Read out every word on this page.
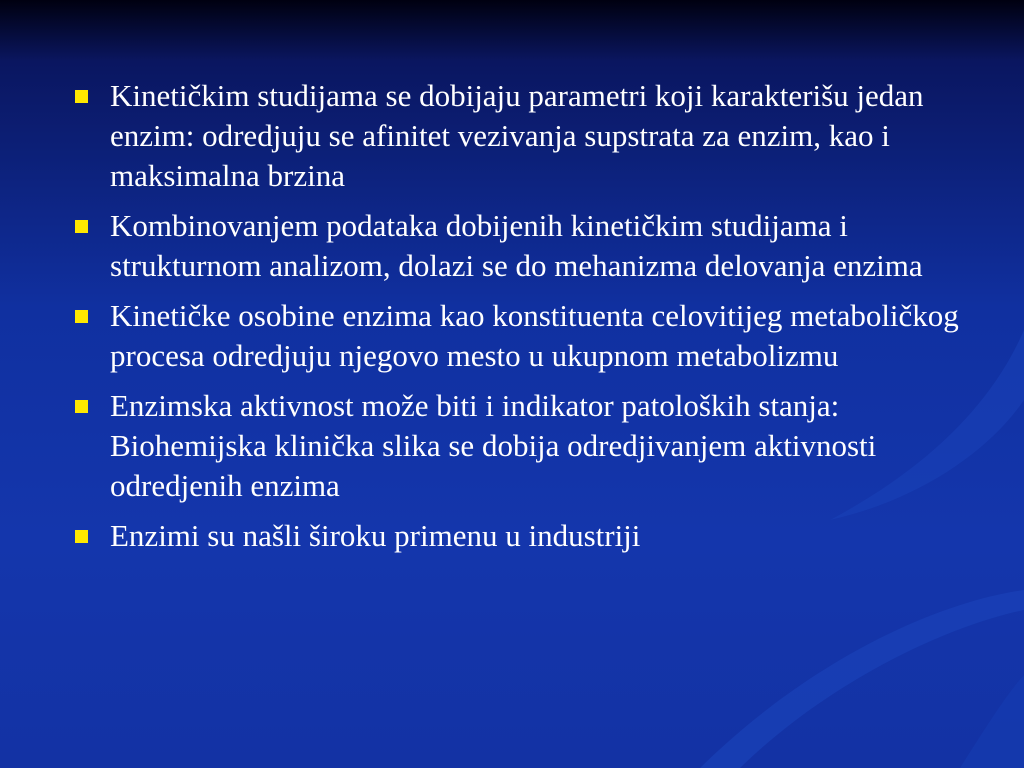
Kinetičkim studijama se dobijaju parametri koji karakterišu jedan enzim: odredjuju se afinitet vezivanja supstrata za enzim, kao i maksimalna brzina
Kombinovanjem podataka dobijenih kinetičkim studijama i strukturnom analizom, dolazi se do mehanizma delovanja enzima
Kinetičke osobine enzima kao konstituenta celovitijeg metaboličkog procesa odredjuju njegovo mesto u ukupnom metabolizmu
Enzimska aktivnost može biti i indikator patoloških stanja: Biohemijska klinička slika se dobija odredjivanjem aktivnosti odredjenih enzima
Enzimi su našli široku primenu u industriji
